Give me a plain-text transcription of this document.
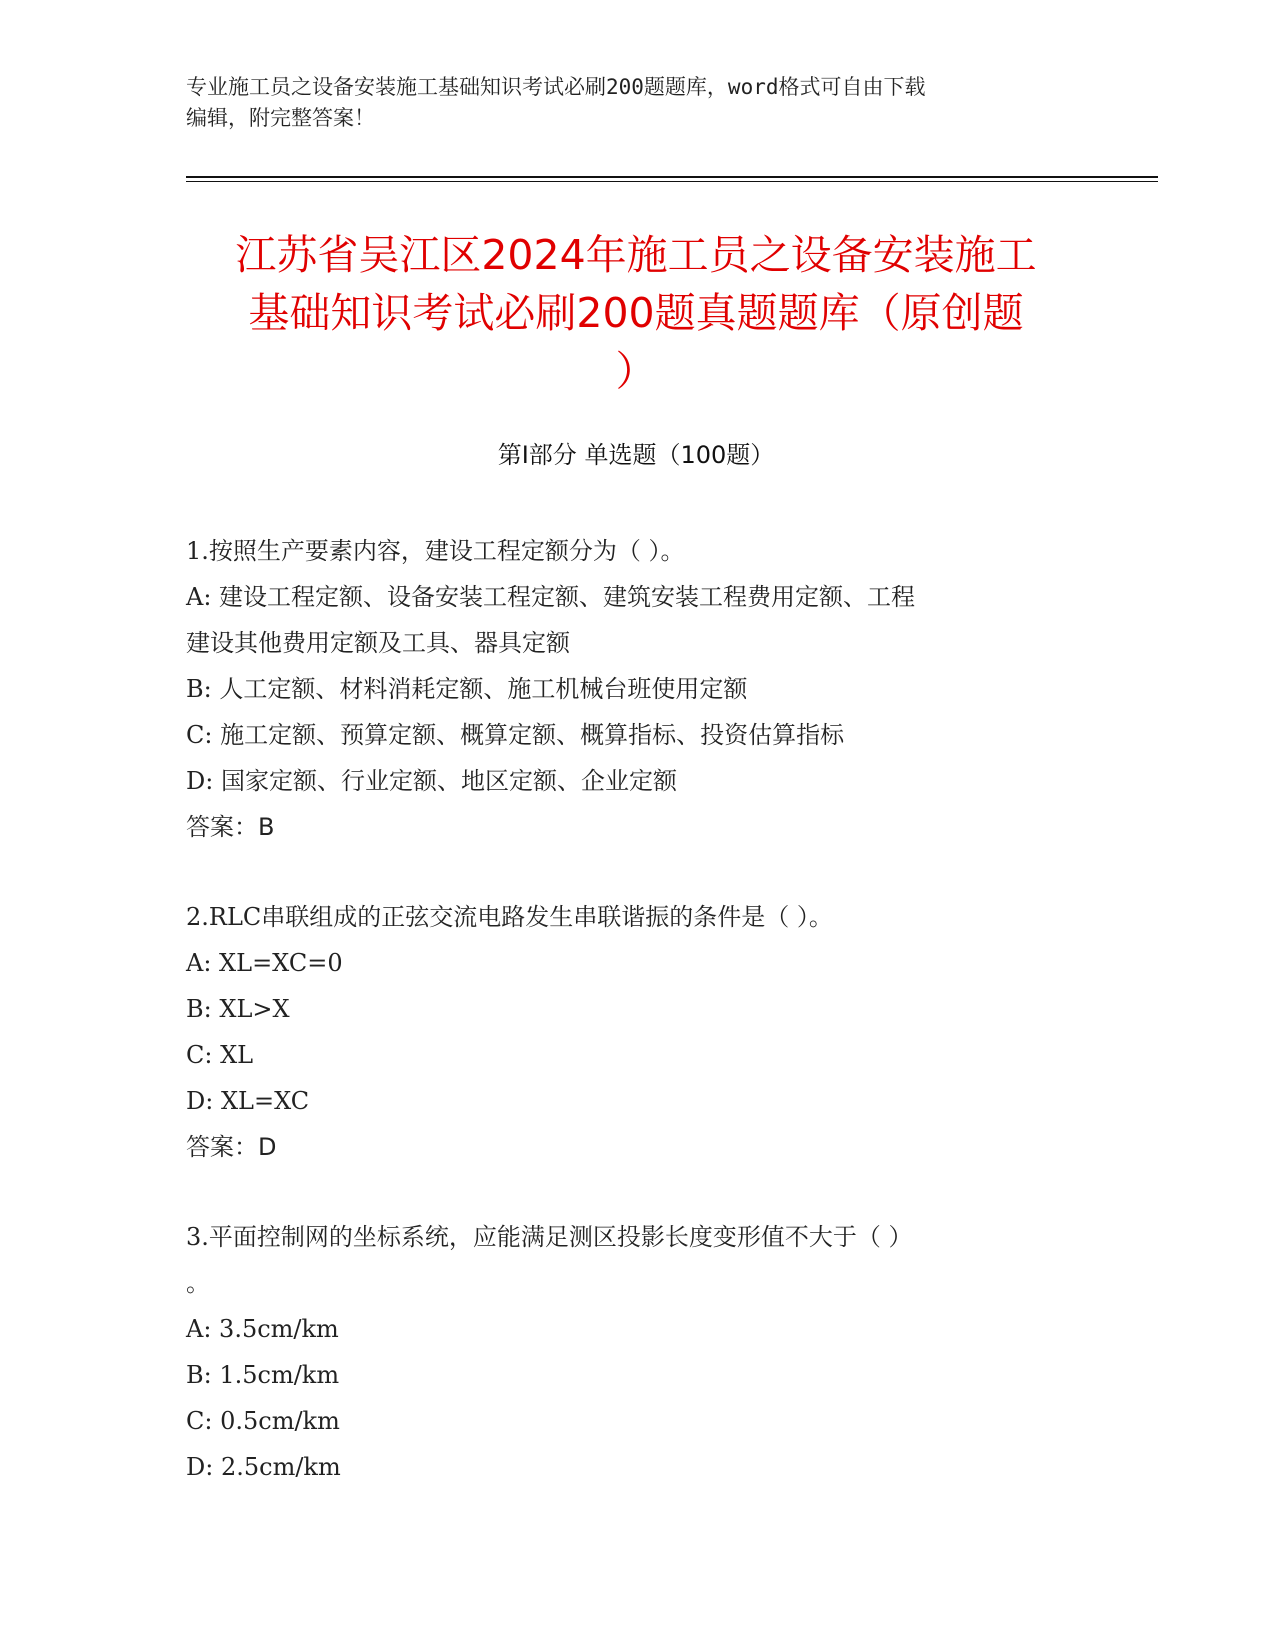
专业施工员之设备安装施工基础知识考试必刷200题题库，word格式可自由下载
编辑，附完整答案！
江苏省吴江区2024年施工员之设备安装施工
基础知识考试必刷200题真题题库（原创题
）
第Ⅰ部分 单选题（100题）
1.按照生产要素内容，建设工程定额分为（ ）。
A: 建设工程定额、设备安装工程定额、建筑安装工程费用定额、工程
建设其他费用定额及工具、器具定额
B: 人工定额、材料消耗定额、施工机械台班使用定额
C: 施工定额、预算定额、概算定额、概算指标、投资估算指标
D: 国家定额、行业定额、地区定额、企业定额
答案：B
2.RLC串联组成的正弦交流电路发生串联谐振的条件是（ ）。
A: XL=XC=0
B: XL>X
C: XL
D: XL=XC
答案：D
3.平面控制网的坐标系统，应能满足测区投影长度变形值不大于（ ）
。
A: 3.5cm/km
B: 1.5cm/km
C: 0.5cm/km
D: 2.5cm/km
